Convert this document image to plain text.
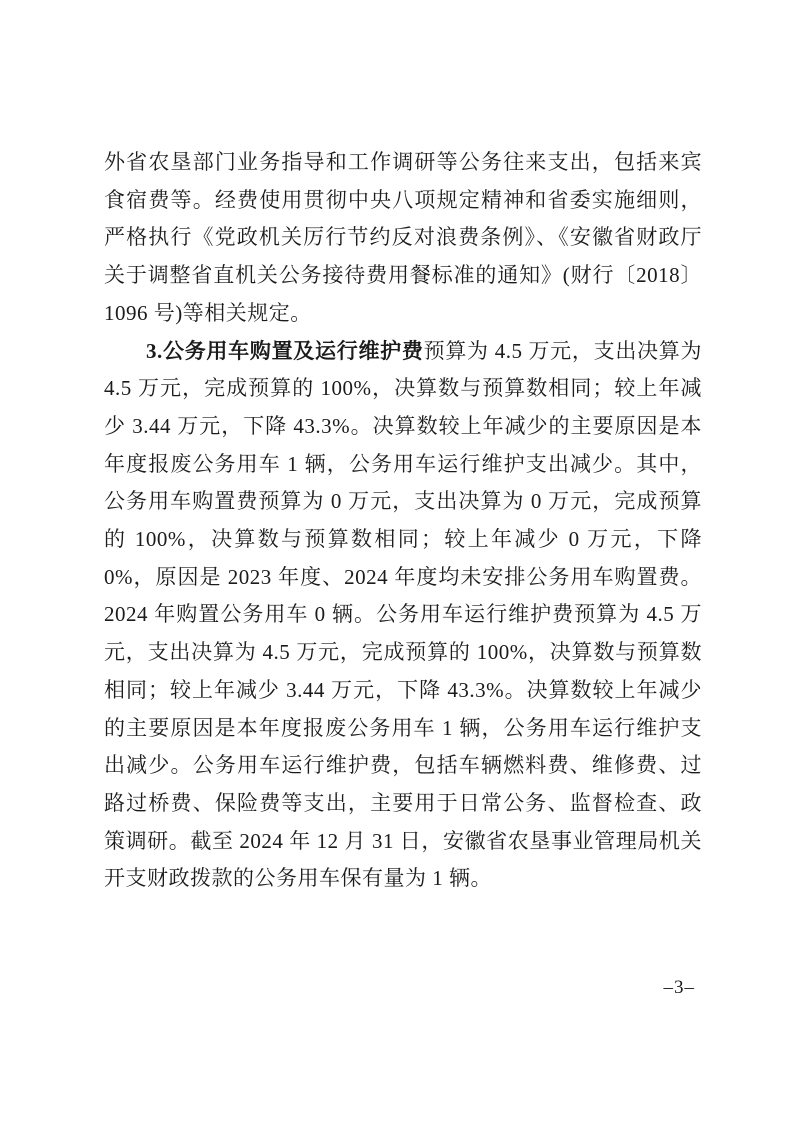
外省农垦部门业务指导和工作调研等公务往来支出，包括来宾食宿费等。经费使用贯彻中央八项规定精神和省委实施细则，严格执行《党政机关厉行节约反对浪费条例》、《安徽省财政厅关于调整省直机关公务接待费用餐标准的通知》(财行〔2018〕1096 号)等相关规定。

3.公务用车购置及运行维护费预算为 4.5 万元，支出决算为 4.5 万元，完成预算的 100%，决算数与预算数相同；较上年减少 3.44 万元，下降 43.3%。决算数较上年减少的主要原因是本年度报废公务用车 1 辆，公务用车运行维护支出减少。其中，公务用车购置费预算为 0 万元，支出决算为 0 万元，完成预算的 100%，决算数与预算数相同；较上年减少 0 万元，下降 0%，原因是 2023 年度、2024 年度均未安排公务用车购置费。2024 年购置公务用车 0 辆。公务用车运行维护费预算为 4.5 万元，支出决算为 4.5 万元，完成预算的 100%，决算数与预算数相同；较上年减少 3.44 万元，下降 43.3%。决算数较上年减少的主要原因是本年度报废公务用车 1 辆，公务用车运行维护支出减少。公务用车运行维护费，包括车辆燃料费、维修费、过路过桥费、保险费等支出，主要用于日常公务、监督检查、政策调研。截至 2024 年 12 月 31 日，安徽省农垦事业管理局机关开支财政拨款的公务用车保有量为 1 辆。

–3–
